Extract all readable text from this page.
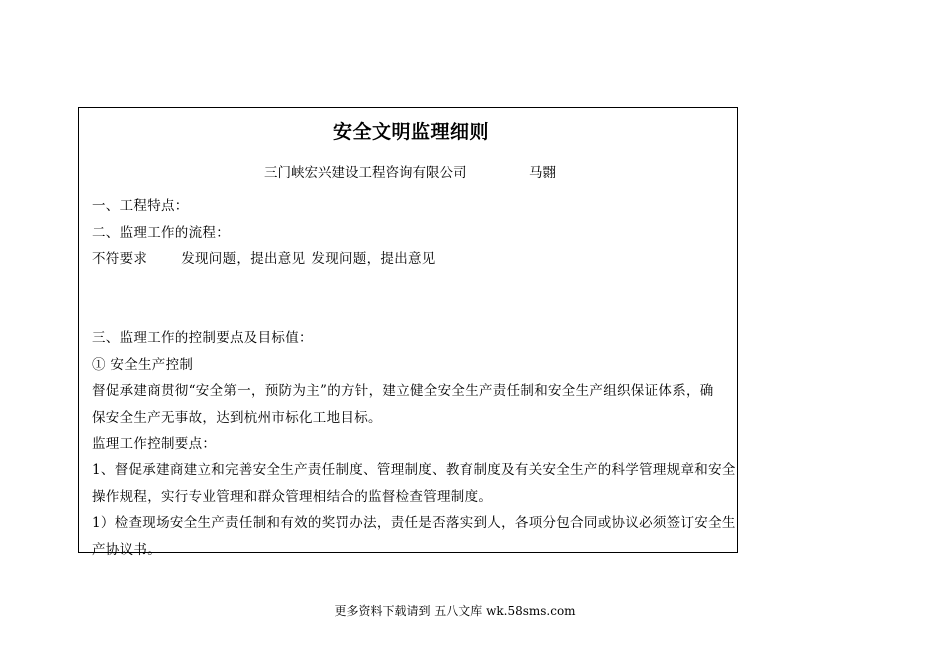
安全文明监理细则
三门峡宏兴建设工程咨询有限公司	马翾
一、工程特点：
二、监理工作的流程：
不符要求	发现问题，提出意见 发现问题，提出意见
三、监理工作的控制要点及目标值：
① 安全生产控制
督促承建商贯彻“安全第一，预防为主”的方针，建立健全安全生产责任制和安全生产组织保证体系，确
保安全生产无事故，达到杭州市标化工地目标。
监理工作控制要点：
1、督促承建商建立和完善安全生产责任制度、管理制度、教育制度及有关安全生产的科学管理规章和安全
操作规程，实行专业管理和群众管理相结合的监督检查管理制度。
1）检查现场安全生产责任制和有效的奖罚办法，责任是否落实到人，各项分包合同或协议必须签订安全生
产协议书。
更多资料下载请到 五八文库 wk.58sms.com
